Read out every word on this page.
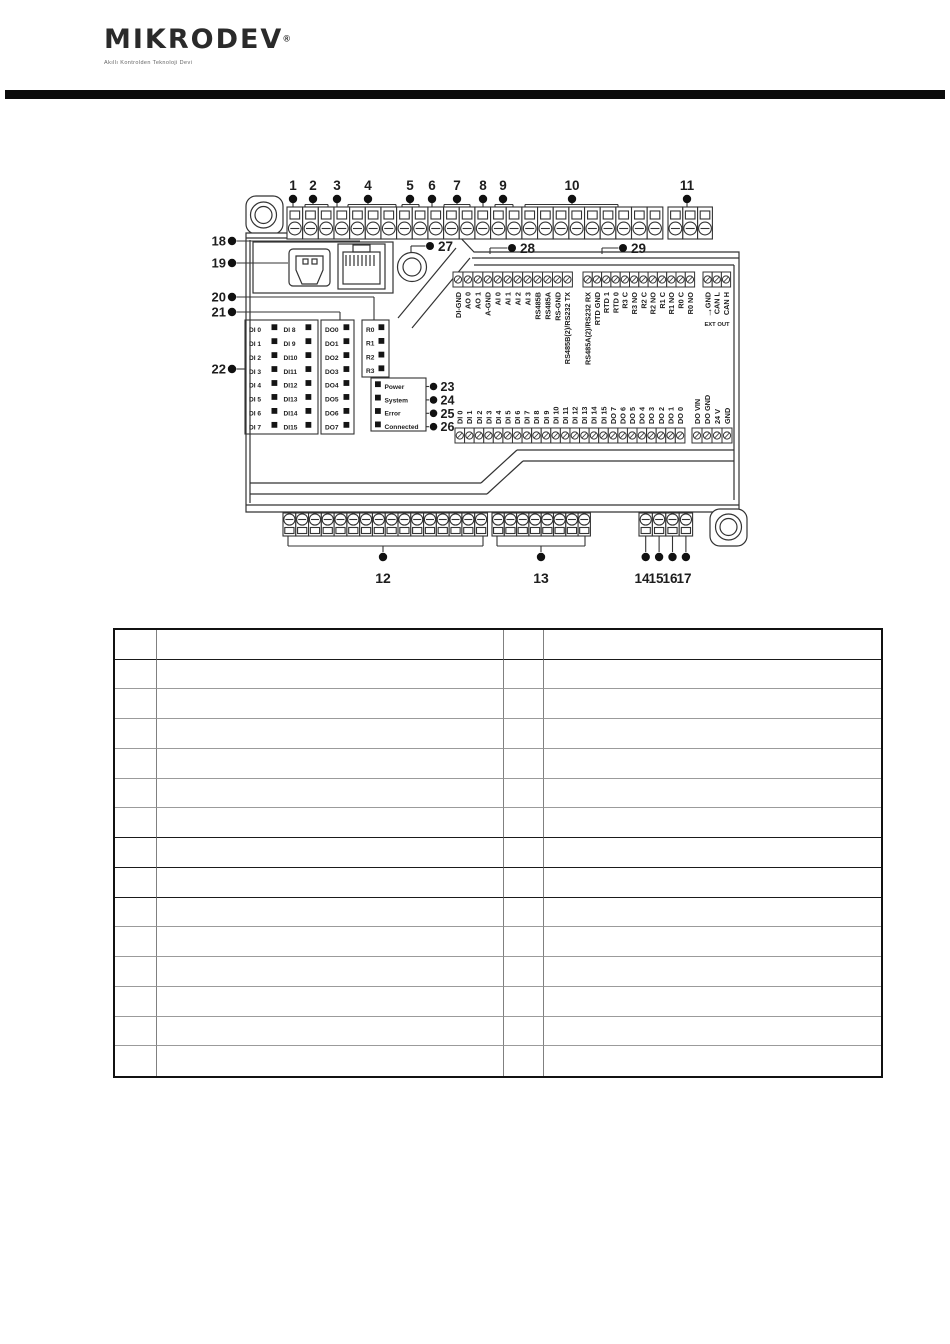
MIKRODEV®
Akıllı Kontrolden Teknoloji Devi
1 2 3 4	5 6 7 8 9	10	11
18
19
20
21
22
27	28	29
DI-GND AO 0 AO 1 A-GND AI 0 AI 1 AI 2 AI 3 RS485B RS485A RS-GND RS485B(2)/RS232 TX RS485A(2)/RS232 RX RTD GND RTD 1 RTD 0 R3 C R3 NO R2 C R2 NO R1 C R1 NO R0 C R0 NO GND CAN L CAN H
↑
EXT OUT
DI 0 DI 1 DI 2 DI 3 DI 4 DI 5 DI 6 DI 7 DI 8 DI 9 DI 10 DI 11 DI 12 DI 13 DI 14 DI 15 DO 7 DO 6 DO 5 DO 4 DO 3 DO 2 DO 1 DO 0 DO VIN DO GND 24 V GND
DI 0	DI 8
DI 1	DI 9
DI 2	DI10
DI 3	DI11
DI 4	DI12
DI 5	DI13
DI 6	DI14
DI 7	DI15
DO0
DO1
DO2
DO3
DO4
DO5
DO6
DO7
R0
R1
R2
R3
Power	23
System	24
Error	25
Connected 26
12	13	14
15
16
17
